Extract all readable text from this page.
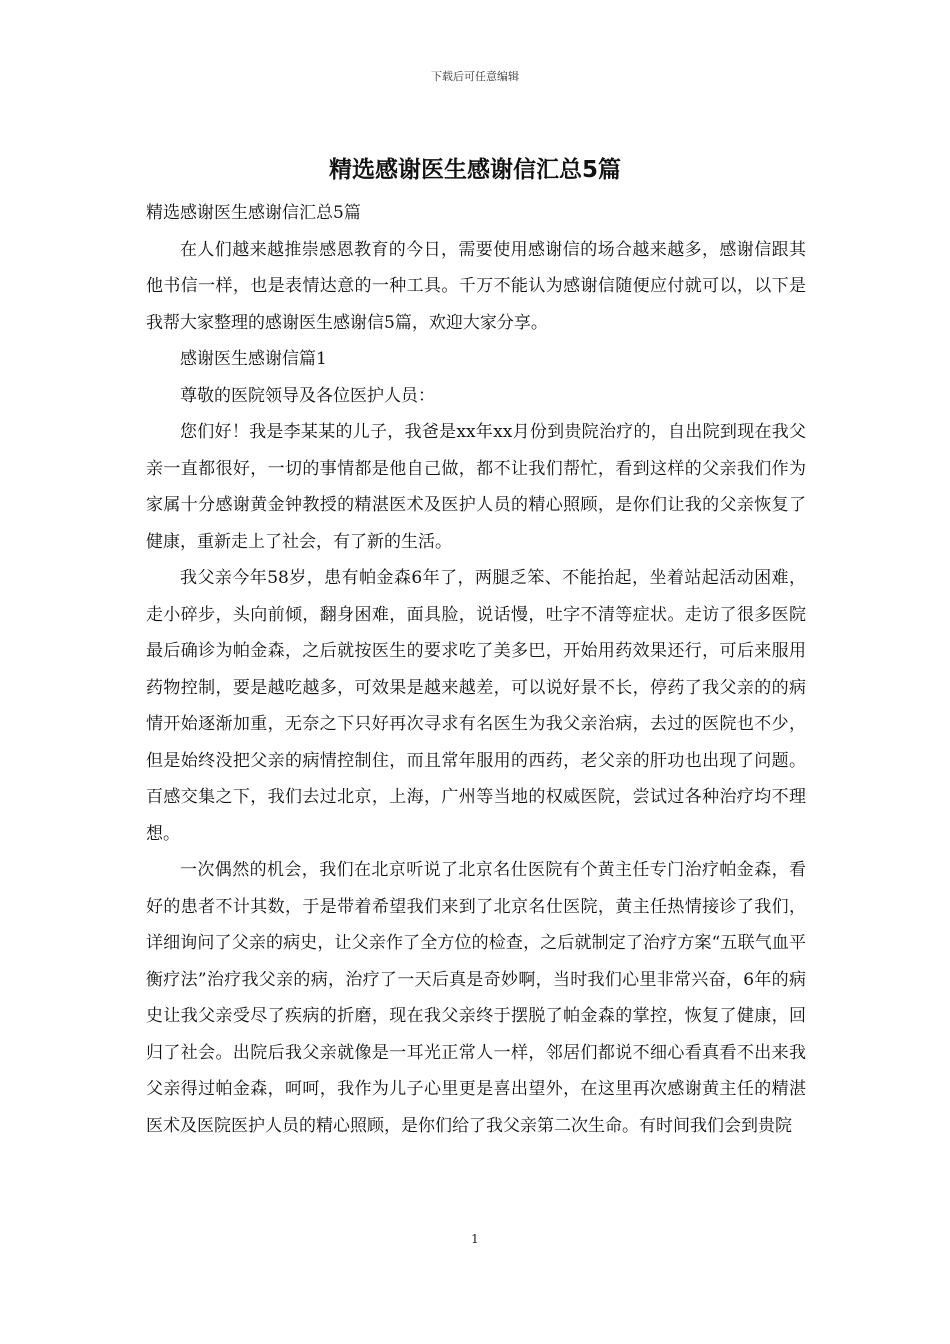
下载后可任意编辑
精选感谢医生感谢信汇总5篇

精选感谢医生感谢信汇总5篇

在人们越来越推崇感恩教育的今日，需要使用感谢信的场合越来越多，感谢信跟其他书信一样，也是表情达意的一种工具。千万不能认为感谢信随便应付就可以，以下是我帮大家整理的感谢医生感谢信5篇，欢迎大家分享。

感谢医生感谢信篇1

尊敬的医院领导及各位医护人员：

您们好！我是李某某的儿子，我爸是xx年xx月份到贵院治疗的，自出院到现在我父亲一直都很好，一切的事情都是他自己做，都不让我们帮忙，看到这样的父亲我们作为家属十分感谢黄金钟教授的精湛医术及医护人员的精心照顾，是你们让我的父亲恢复了健康，重新走上了社会，有了新的生活。

我父亲今年58岁，患有帕金森6年了，两腿乏笨、不能抬起，坐着站起活动困难，走小碎步，头向前倾，翻身困难，面具脸，说话慢，吐字不清等症状。走访了很多医院最后确诊为帕金森，之后就按医生的要求吃了美多巴，开始用药效果还行，可后来服用药物控制，要是越吃越多，可效果是越来越差，可以说好景不长，停药了我父亲的的病情开始逐渐加重，无奈之下只好再次寻求有名医生为我父亲治病，去过的医院也不少，但是始终没把父亲的病情控制住，而且常年服用的西药，老父亲的肝功也出现了问题。百感交集之下，我们去过北京，上海，广州等当地的权威医院，尝试过各种治疗均不理想。

一次偶然的机会，我们在北京听说了北京名仕医院有个黄主任专门治疗帕金森，看好的患者不计其数，于是带着希望我们来到了北京名仕医院，黄主任热情接诊了我们，详细询问了父亲的病史，让父亲作了全方位的检查，之后就制定了治疗方案“五联气血平衡疗法”治疗我父亲的病，治疗了一天后真是奇妙啊，当时我们心里非常兴奋，6年的病史让我父亲受尽了疾病的折磨，现在我父亲终于摆脱了帕金森的掌控，恢复了健康，回归了社会。出院后我父亲就像是一耳光正常人一样，邻居们都说不细心看真看不出来我父亲得过帕金森，呵呵，我作为儿子心里更是喜出望外，在这里再次感谢黄主任的精湛医术及医院医护人员的精心照顾，是你们给了我父亲第二次生命。有时间我们会到贵院

1
